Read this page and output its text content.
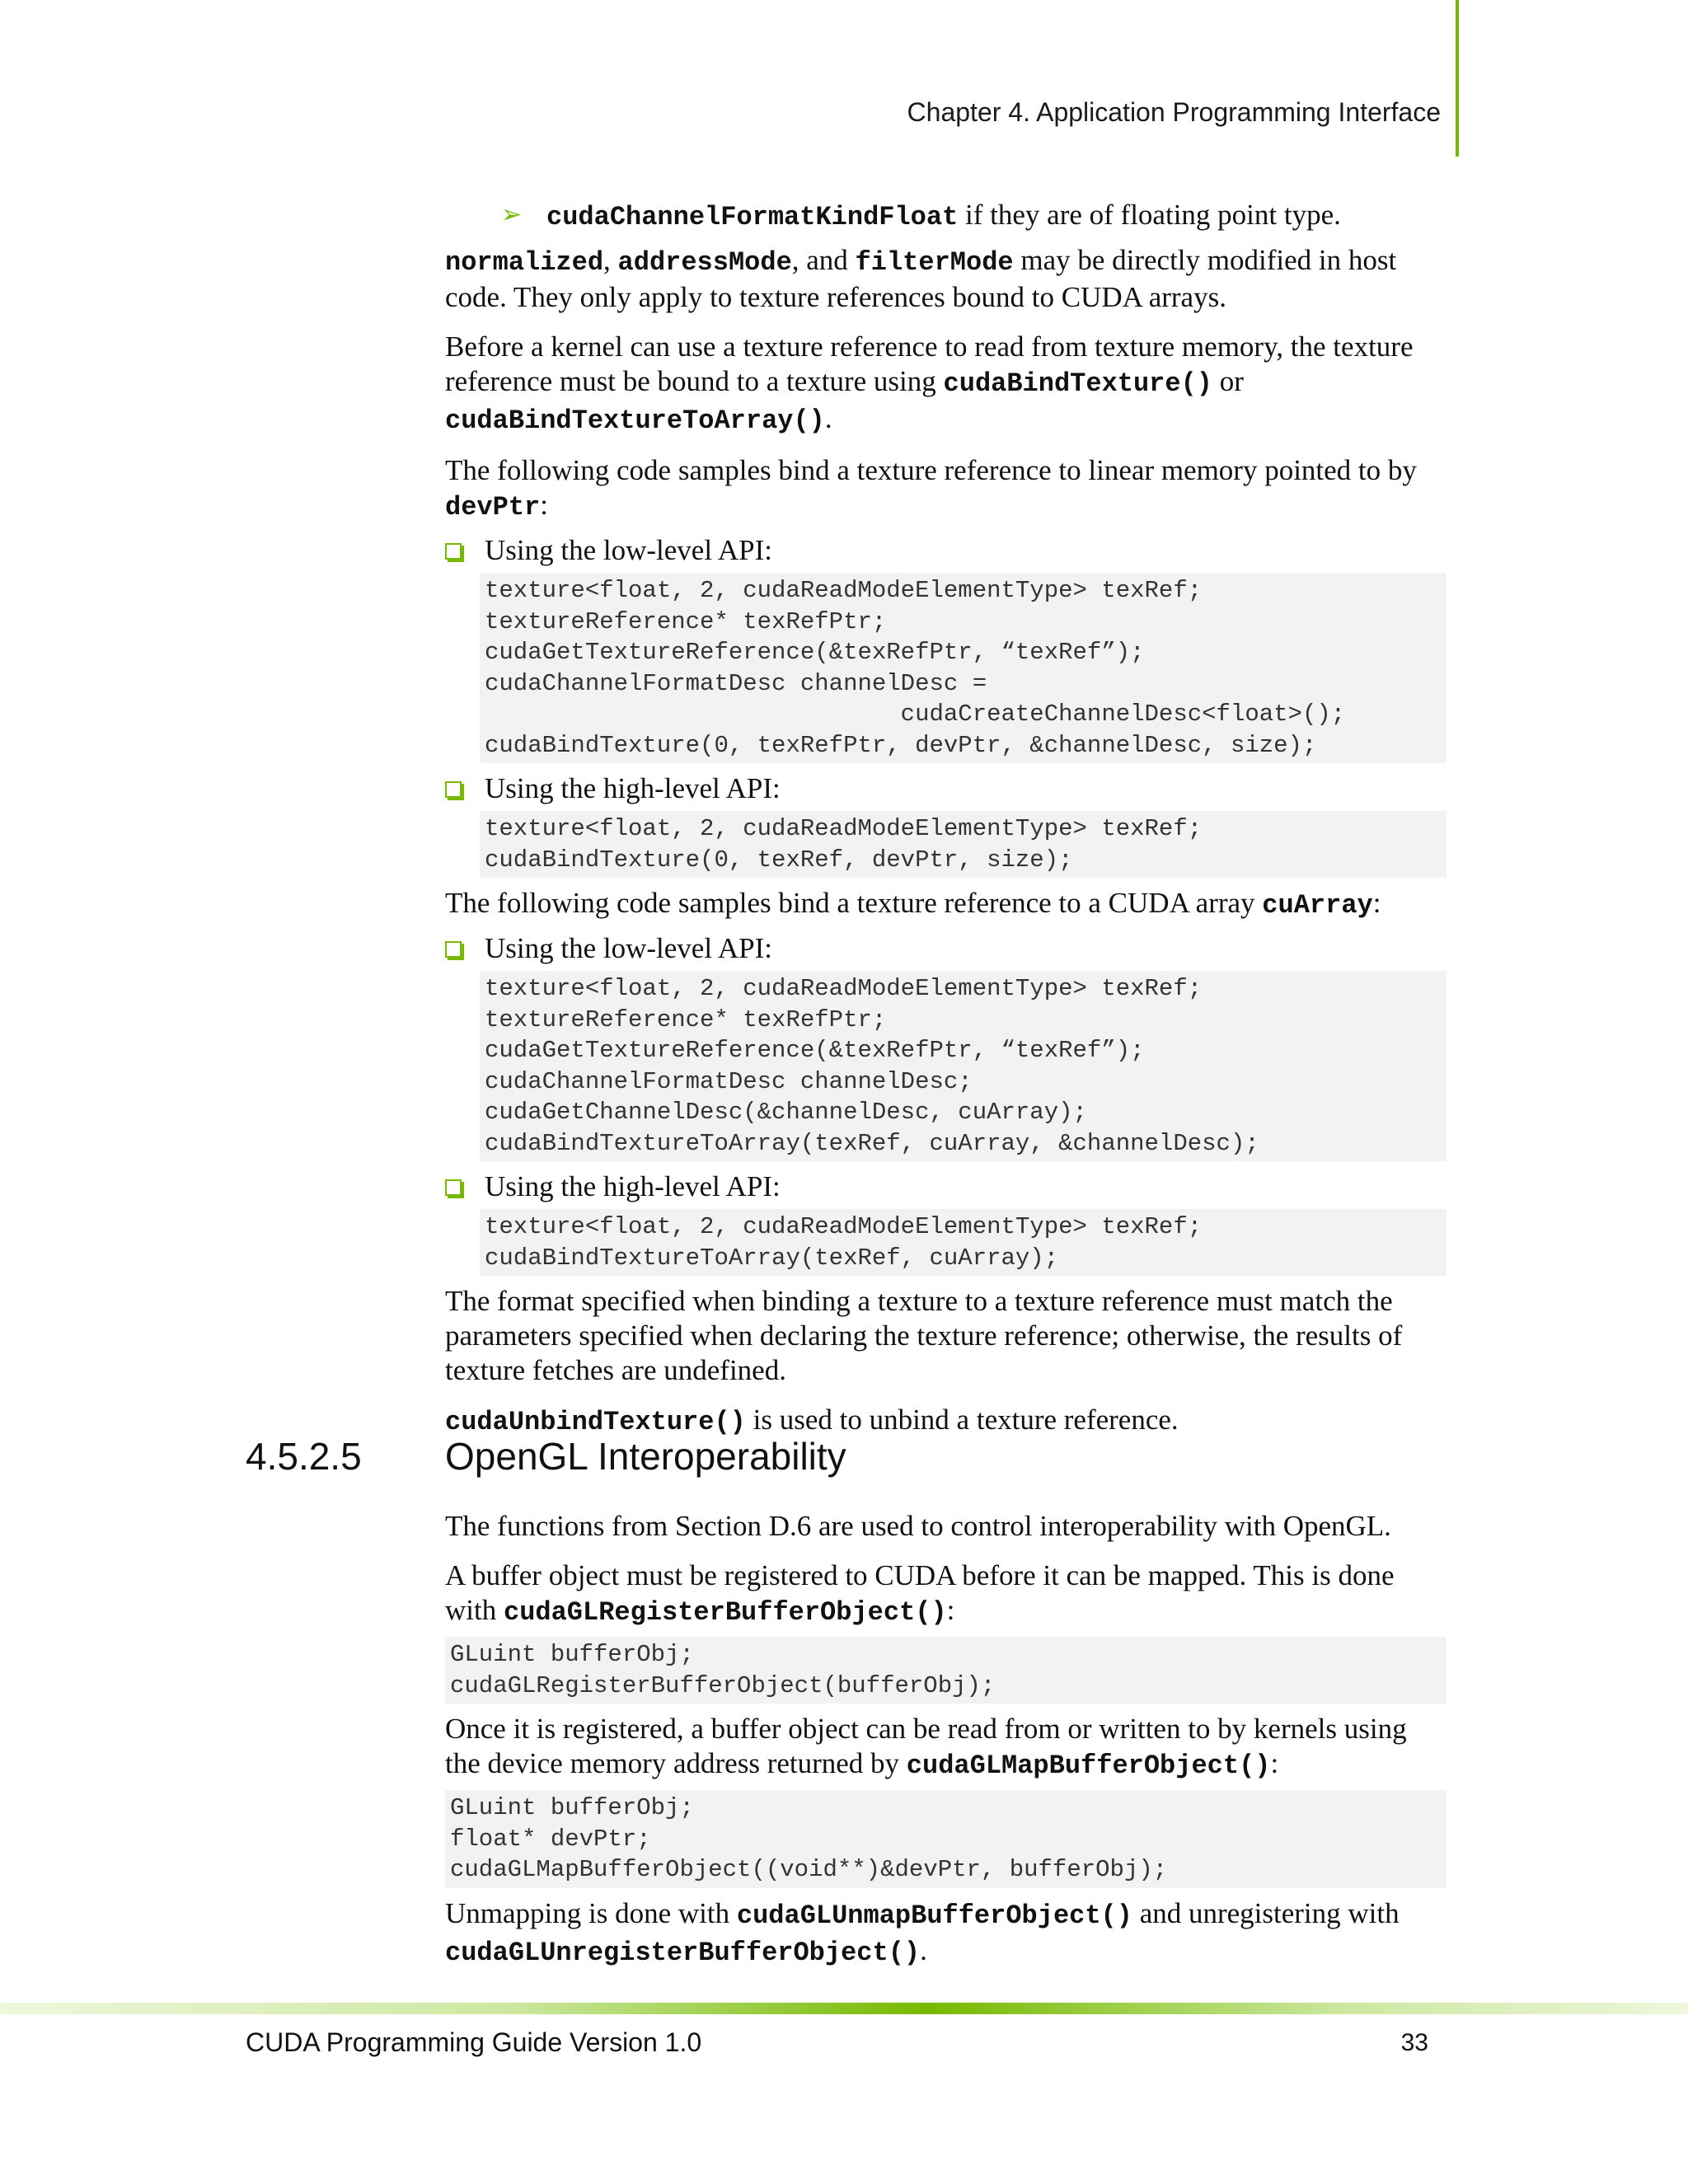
Chapter 4. Application Programming Interface
➢ cudaChannelFormatKindFloat if they are of floating point type.

normalized, addressMode, and filterMode may be directly modified in host code. They only apply to texture references bound to CUDA arrays.

Before a kernel can use a texture reference to read from texture memory, the texture reference must be bound to a texture using cudaBindTexture() or cudaBindTextureToArray().

The following code samples bind a texture reference to linear memory pointed to by devPtr:

Using the low-level API:
texture<float, 2, cudaReadModeElementType> texRef;
textureReference* texRefPtr;
cudaGetTextureReference(&texRefPtr, “texRef”);
cudaChannelFormatDesc channelDesc =
cudaCreateChannelDesc<float>();
cudaBindTexture(0, texRefPtr, devPtr, &channelDesc, size);
Using the high-level API:
texture<float, 2, cudaReadModeElementType> texRef;
cudaBindTexture(0, texRef, devPtr, size);

The following code samples bind a texture reference to a CUDA array cuArray:

Using the low-level API:
texture<float, 2, cudaReadModeElementType> texRef;
textureReference* texRefPtr;
cudaGetTextureReference(&texRefPtr, “texRef”);
cudaChannelFormatDesc channelDesc;
cudaGetChannelDesc(&channelDesc, cuArray);
cudaBindTextureToArray(texRef, cuArray, &channelDesc);
Using the high-level API:
texture<float, 2, cudaReadModeElementType> texRef;
cudaBindTextureToArray(texRef, cuArray);

The format specified when binding a texture to a texture reference must match the parameters specified when declaring the texture reference; otherwise, the results of texture fetches are undefined.

cudaUnbindTexture() is used to unbind a texture reference.

The functions from Section D.6 are used to control interoperability with OpenGL.

A buffer object must be registered to CUDA before it can be mapped. This is done with cudaGLRegisterBufferObject():

GLuint bufferObj;
cudaGLRegisterBufferObject(bufferObj);

Once it is registered, a buffer object can be read from or written to by kernels using the device memory address returned by cudaGLMapBufferObject():

GLuint bufferObj;
float* devPtr;
cudaGLMapBufferObject((void**)&devPtr, bufferObj);

Unmapping is done with cudaGLUnmapBufferObject() and unregistering with cudaGLUnregisterBufferObject().

4.5.2.5 OpenGL Interoperability
CUDA Programming Guide Version 1.0	33
